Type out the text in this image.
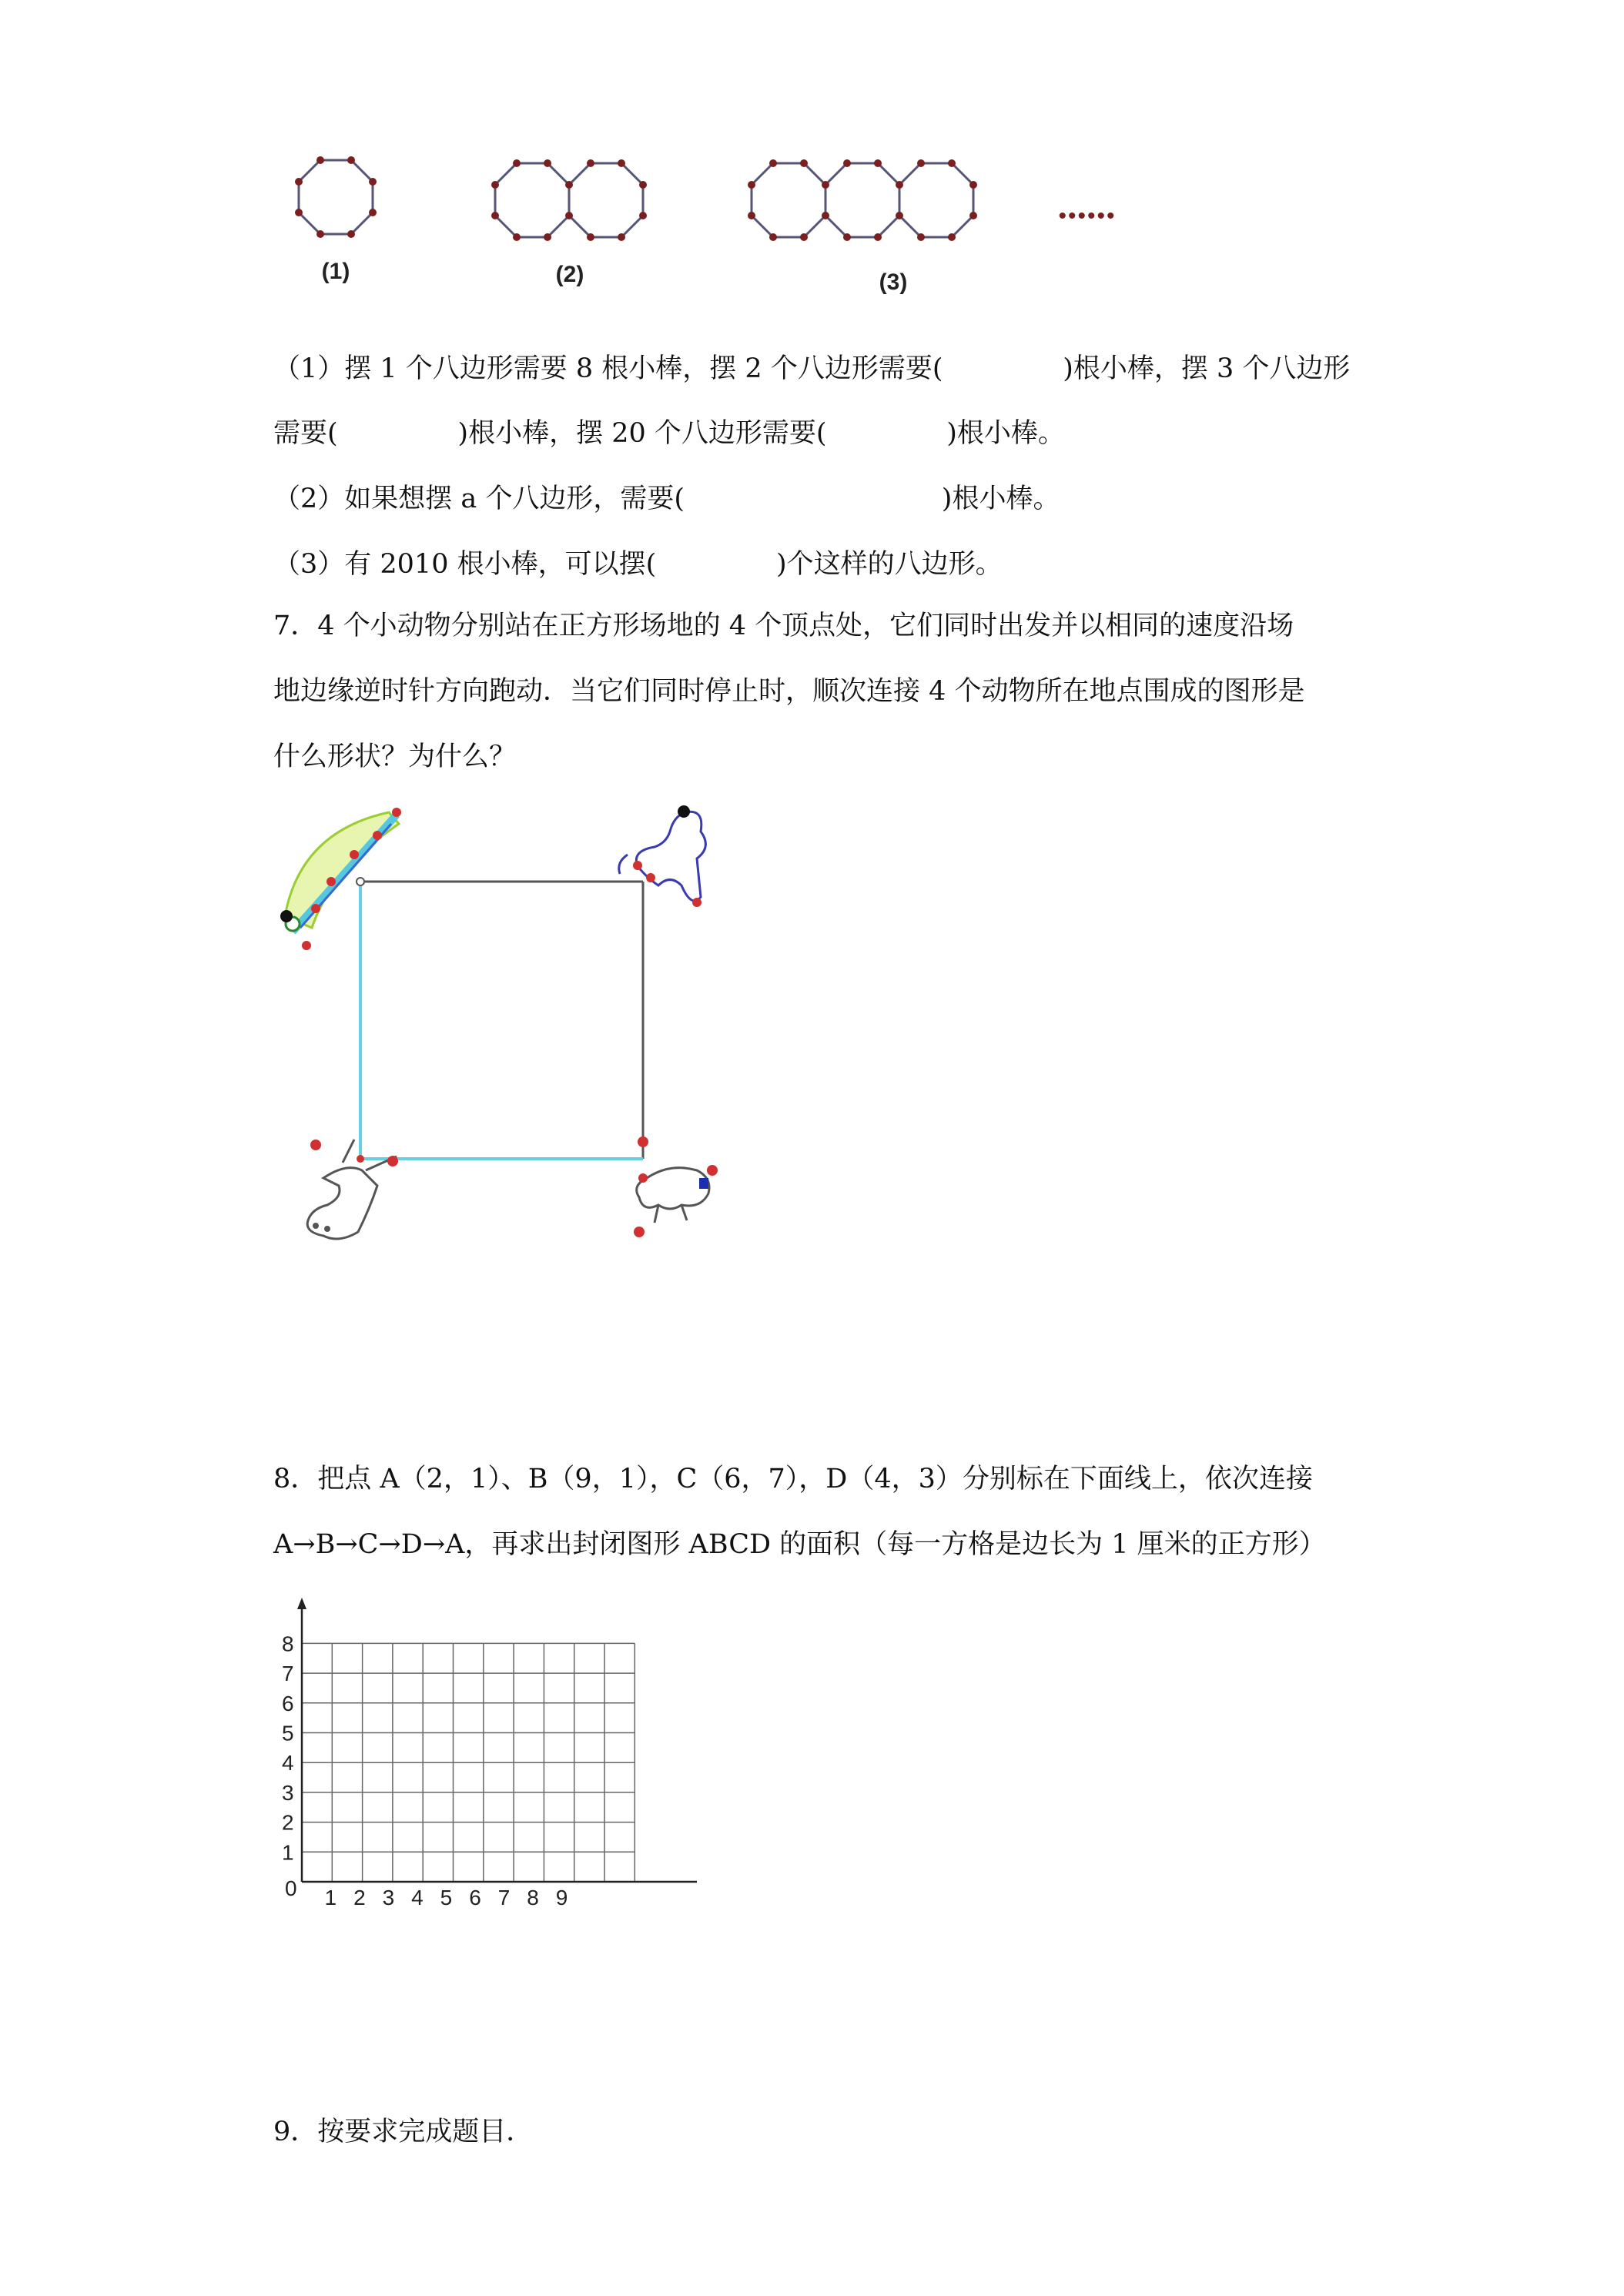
(1)	(2)	(3)
••••••
（1）摆 1 个八边形需要 8 根小棒，摆 2 个八边形需要(              )根小棒，摆 3 个八边形
需要(              )根小棒，摆 20 个八边形需要(              )根小棒。
（2）如果想摆 a 个八边形，需要(                              )根小棒。
（3）有 2010 根小棒，可以摆(              )个这样的八边形。
7．4 个小动物分别站在正方形场地的 4 个顶点处，它们同时出发并以相同的速度沿场
地边缘逆时针方向跑动．当它们同时停止时，顺次连接 4 个动物所在地点围成的图形是
什么形状？为什么？
8．把点 A（2，1）、B（9，1），C（6，7），D（4，3）分别标在下面线上，依次连接
A→B→C→D→A，再求出封闭图形 ABCD 的面积（每一方格是边长为 1 厘米的正方形）
1
2
3
4
5
6
7
8
1 2 3 4 5 6 7 8 9
0
9．按要求完成题目．
